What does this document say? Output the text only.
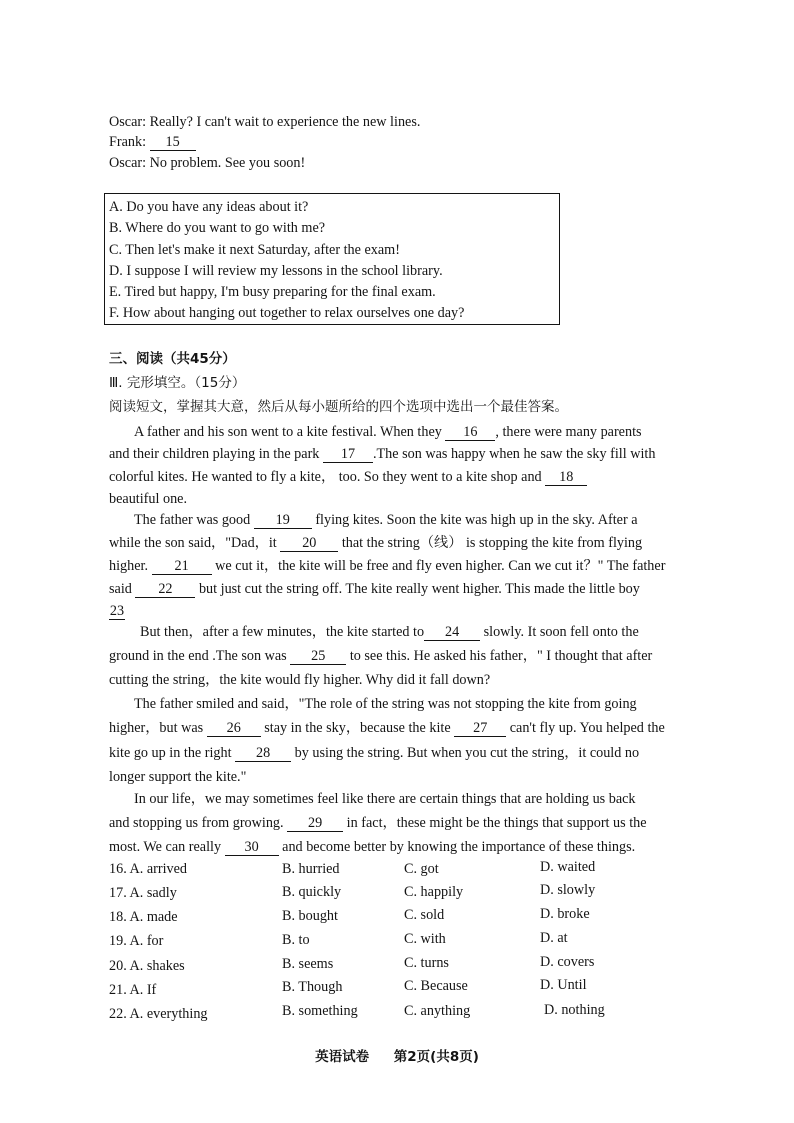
Oscar: Really? I can't wait to experience the new lines.
Frank: 15
Oscar: No problem. See you soon!
A. Do you have any ideas about it?
B. Where do you want to go with me?
C. Then let's make it next Saturday, after the exam!
D. I suppose I will review my lessons in the school library.
E. Tired but happy, I'm busy preparing for the final exam.
F. How about hanging out together to relax ourselves one day?
三、阅读（共45分）
Ⅲ. 完形填空。（15分）
阅读短文，掌握其大意，然后从每小题所给的四个选项中选出一个最佳答案。
A father and his son went to a kite festival. When they 16 , there were many parents
and their children playing in the park 17 .The son was happy when he saw the sky fill with
colorful kites. He wanted to fly a kite， too. So they went to a kite shop and 18
beautiful one.
The father was good 19 flying kites. Soon the kite was high up in the sky. After a
while the son said，"Dad，it 20 that the string（线） is stopping the kite from flying
higher. 21 we cut it，the kite will be free and fly even higher. Can we cut it？" The father
said 22 but just cut the string off. The kite really went higher. This made the little boy
23
But then，after a few minutes，the kite started to 24 slowly. It soon fell onto the
ground in the end .The son was 25 to see this. He asked his father，" I thought that after
cutting the string，the kite would fly higher. Why did it fall down?
The father smiled and said，"The role of the string was not stopping the kite from going
higher，but was 26 stay in the sky，because the kite 27 can't fly up. You helped the
kite go up in the right 28 by using the string. But when you cut the string，it could no
longer support the kite."
In our life，we may sometimes feel like there are certain things that are holding us back
and stopping us from growing. 29 in fact，these might be the things that support us the
most. We can really 30 and become better by knowing the importance of these things.
16. A. arrived	B. hurried	C. got	D. waited
17. A. sadly	B. quickly	C. happily	D. slowly
18. A. made	B. bought	C. sold	D. broke
19. A. for	B. to	C. with	D. at
20. A. shakes	B. seems	C. turns	D. covers
21. A. If	B. Though	C. Because	D. Until
22. A. everything	B. something	C. anything	D. nothing
英语试卷 第2页(共8页)
